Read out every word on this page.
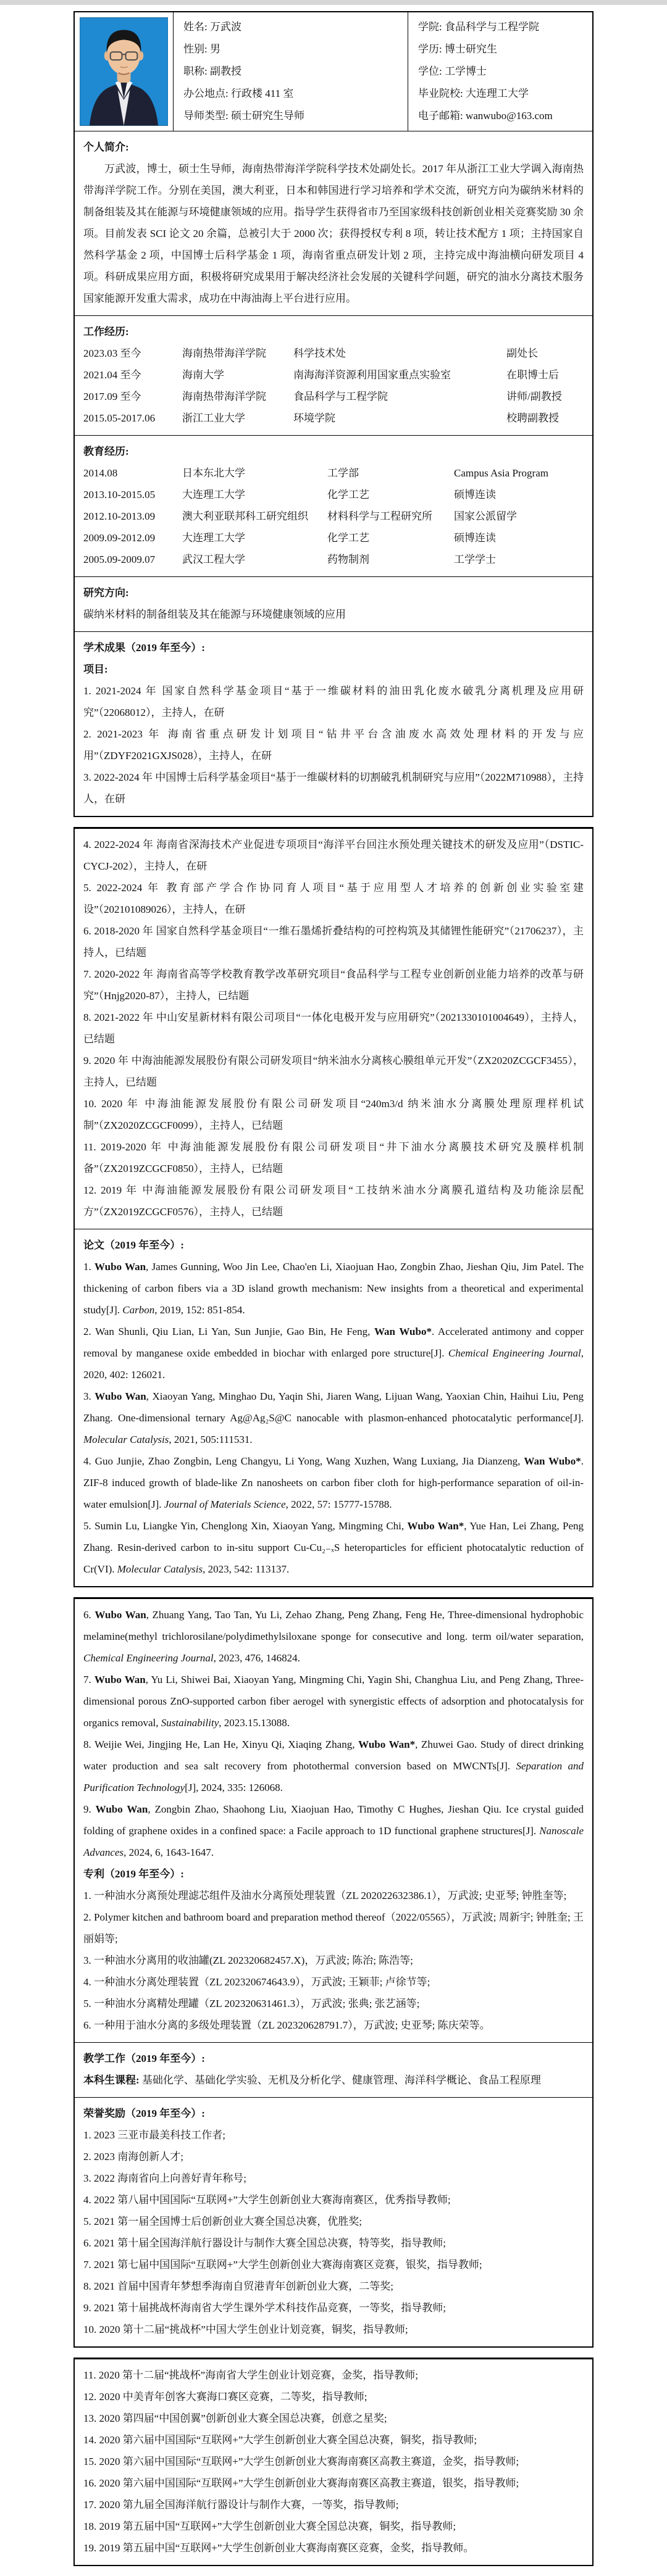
姓名: 万武波
性别: 男
职称: 副教授
办公地点: 行政楼 411 室
导师类型: 硕士研究生导师
学院: 食品科学与工程学院
学历: 博士研究生
学位: 工学博士
毕业院校: 大连理工大学
电子邮箱: wanwubo@163.com
个人简介:

万武波，博士，硕士生导师，海南热带海洋学院科学技术处副处长。2017 年从浙江工业大学调入海南热带海洋学院工作。分别在美国，澳大利亚，日本和韩国进行学习培养和学术交流，研究方向为碳纳米材料的制备组装及其在能源与环境健康领域的应用。指导学生获得省市乃至国家级科技创新创业相关竞赛奖励 30 余项。目前发表 SCI 论文 20 余篇，总被引大于 2000 次；获得授权专利 8 项，转让技术配方 1 项；主持国家自然科学基金 2 项，中国博士后科学基金 1 项，海南省重点研发计划 2 项，主持完成中海油横向研发项目 4 项。科研成果应用方面，积极将研究成果用于解决经济社会发展的关键科学问题，研究的油水分离技术服务国家能源开发重大需求，成功在中海油海上平台进行应用。

工作经历:
2023.03 至今	海南热带海洋学院	科学技术处	副处长
2021.04 至今	海南大学	南海海洋资源利用国家重点实验室	在职博士后
2017.09 至今	海南热带海洋学院	食品科学与工程学院	讲师/副教授
2015.05-2017.06	浙江工业大学	环境学院	校聘副教授
教育经历:
2014.08	日本东北大学	工学部	Campus Asia Program
2013.10-2015.05	大连理工大学	化学工艺	硕博连读
2012.10-2013.09	澳大利亚联邦科工研究组织	材料科学与工程研究所	国家公派留学
2009.09-2012.09	大连理工大学	化学工艺	硕博连读
2005.09-2009.07	武汉工程大学	药物制剂	工学学士
研究方向:
碳纳米材料的制备组装及其在能源与环境健康领域的应用
学术成果（2019 年至今）:
项目:

1. 2021-2024 年 国家自然科学基金项目“基于一维碳材料的油田乳化废水破乳分离机理及应用研究”（22068012），主持人，在研

2. 2021-2023 年 海南省重点研发计划项目“钻井平台含油废水高效处理材料的开发与应用”（ZDYF2021GXJS028），主持人，在研

3. 2022-2024 年 中国博士后科学基金项目“基于一维碳材料的切割破乳机制研究与应用”（2022M710988），主持人，在研

4. 2022-2024 年 海南省深海技术产业促进专项项目“海洋平台回注水预处理关键技术的研发及应用”（DSTIC-CYCJ-202），主持人，在研

5. 2022-2024 年 教育部产学合作协同育人项目“基于应用型人才培养的创新创业实验室建设”（202101089026），主持人，在研

6. 2018-2020 年 国家自然科学基金项目“一维石墨烯折叠结构的可控构筑及其储锂性能研究”（21706237），主持人，已结题

7. 2020-2022 年 海南省高等学校教育教学改革研究项目“食品科学与工程专业创新创业能力培养的改革与研究”（Hnjg2020-87），主持人，已结题

8. 2021-2022 年 中山安星新材料有限公司项目“一体化电极开发与应用研究”（2021330101004649），主持人，已结题

9. 2020 年 中海油能源发展股份有限公司研发项目“纳米油水分离核心膜组单元开发”（ZX2020ZCGCF3455），主持人，已结题

10. 2020 年 中海油能源发展股份有限公司研发项目“240m3/d 纳米油水分离膜处理原理样机试制”（ZX2020ZCGCF0099），主持人，已结题

11. 2019-2020 年 中海油能源发展股份有限公司研发项目“井下油水分离膜技术研究及膜样机制备”（ZX2019ZCGCF0850），主持人，已结题

12. 2019 年 中海油能源发展股份有限公司研发项目“工技纳米油水分离膜孔道结构及功能涂层配方”（ZX2019ZCGCF0576），主持人，已结题

论文（2019 年至今）:

1. Wubo Wan, James Gunning, Woo Jin Lee, Chao'en Li, Xiaojuan Hao, Zongbin Zhao, Jieshan Qiu, Jim Patel. The thickening of carbon fibers via a 3D island growth mechanism: New insights from a theoretical and experimental study[J]. Carbon, 2019, 152: 851-854.

2. Wan Shunli, Qiu Lian, Li Yan, Sun Junjie, Gao Bin, He Feng, Wan Wubo*. Accelerated antimony and copper removal by manganese oxide embedded in biochar with enlarged pore structure[J]. Chemical Engineering Journal, 2020, 402: 126021.

3. Wubo Wan, Xiaoyan Yang, Minghao Du, Yaqin Shi, Jiaren Wang, Lijuan Wang, Yaoxian Chin, Haihui Liu, Peng Zhang. One-dimensional ternary Ag@Ag₂S@C nanocable with plasmon-enhanced photocatalytic performance[J]. Molecular Catalysis, 2021, 505:111531.

4. Guo Junjie, Zhao Zongbin, Leng Changyu, Li Yong, Wang Xuzhen, Wang Luxiang, Jia Dianzeng, Wan Wubo*. ZIF-8 induced growth of blade-like Zn nanosheets on carbon fiber cloth for high-performance separation of oil-in-water emulsion[J]. Journal of Materials Science, 2022, 57: 15777-15788.

5. Sumin Lu, Liangke Yin, Chenglong Xin, Xiaoyan Yang, Mingming Chi, Wubo Wan*, Yue Han, Lei Zhang, Peng Zhang. Resin-derived carbon to in-situ support Cu-Cu₂₋ₓS heteroparticles for efficient photocatalytic reduction of Cr(VI). Molecular Catalysis, 2023, 542: 113137.

6. Wubo Wan, Zhuang Yang, Tao Tan, Yu Li, Zehao Zhang, Peng Zhang, Feng He, Three-dimensional hydrophobic melamine(methyl trichlorosilane/polydimethylsiloxane sponge for consecutive and long. term oil/water separation, Chemical Engineering Journal, 2023, 476, 146824.

7. Wubo Wan, Yu Li, Shiwei Bai, Xiaoyan Yang, Mingming Chi, Yagin Shi, Changhua Liu, and Peng Zhang, Three-dimensional porous ZnO-supported carbon fiber aerogel with synergistic effects of adsorption and photocatalysis for organics removal, Sustainability, 2023.15.13088.

8. Weijie Wei, Jingjing He, Lan He, Xinyu Qi, Xiaqing Zhang, Wubo Wan*, Zhuwei Gao. Study of direct drinking water production and sea salt recovery from photothermal conversion based on MWCNTs[J]. Separation and Purification Technology[J], 2024, 335: 126068.

9. Wubo Wan, Zongbin Zhao, Shaohong Liu, Xiaojuan Hao, Timothy C Hughes, Jieshan Qiu. Ice crystal guided folding of graphene oxides in a confined space: a Facile approach to 1D functional graphene structures[J]. Nanoscale Advances, 2024, 6, 1643-1647.

专利（2019 年至今）:

1. 一种油水分离预处理滤芯组件及油水分离预处理装置（ZL 202022632386.1），万武波; 史亚琴; 钟胜奎等;

2. Polymer kitchen and bathroom board and preparation method thereof（2022/05565），万武波; 周新宇; 钟胜奎; 王丽娟等;

3. 一种油水分离用的收油罐(ZL 202320682457.X)，万武波; 陈治; 陈浩等;

4. 一种油水分离处理装置（ZL 202320674643.9），万武波; 王颖菲; 卢徐节等;

5. 一种油水分离精处理罐（ZL 202320631461.3），万武波; 张典; 张艺涵等;

6. 一种用于油水分离的多级处理装置（ZL 202320628791.7），万武波; 史亚琴; 陈庆荣等。

教学工作（2019 年至今）:

本科生课程: 基础化学、基础化学实验、无机及分析化学、健康管理、海洋科学概论、食品工程原理

荣誉奖励（2019 年至今）:

1. 2023 三亚市最美科技工作者;

2. 2023 南海创新人才;

3. 2022 海南省向上向善好青年称号;

4. 2022 第八届中国国际“互联网+”大学生创新创业大赛海南赛区，优秀指导教师;

5. 2021 第一届全国博士后创新创业大赛全国总决赛，优胜奖;

6. 2021 第十届全国海洋航行器设计与制作大赛全国总决赛，特等奖，指导教师;

7. 2021 第七届中国国际“互联网+”大学生创新创业大赛海南赛区竞赛，银奖，指导教师;

8. 2021 首届中国青年梦想季海南自贸港青年创新创业大赛，二等奖;

9. 2021 第十届挑战杯海南省大学生课外学术科技作品竞赛，一等奖，指导教师;

10. 2020 第十二届“挑战杯”中国大学生创业计划竞赛，铜奖，指导教师;

11. 2020 第十二届“挑战杯”海南省大学生创业计划竞赛，金奖，指导教师;

12. 2020 中美青年创客大赛海口赛区竞赛，二等奖，指导教师;

13. 2020 第四届“中国创翼”创新创业大赛全国总决赛，创意之星奖;

14. 2020 第六届中国国际“互联网+”大学生创新创业大赛全国总决赛，铜奖，指导教师;

15. 2020 第六届中国国际“互联网+”大学生创新创业大赛海南赛区高教主赛道，金奖，指导教师;

16. 2020 第六届中国国际“互联网+”大学生创新创业大赛海南赛区高教主赛道，银奖，指导教师;

17. 2020 第九届全国海洋航行器设计与制作大赛，一等奖，指导教师;

18. 2019 第五届中国“互联网+”大学生创新创业大赛全国总决赛，铜奖，指导教师;

19. 2019 第五届中国“互联网+”大学生创新创业大赛海南赛区竞赛，金奖，指导教师。
